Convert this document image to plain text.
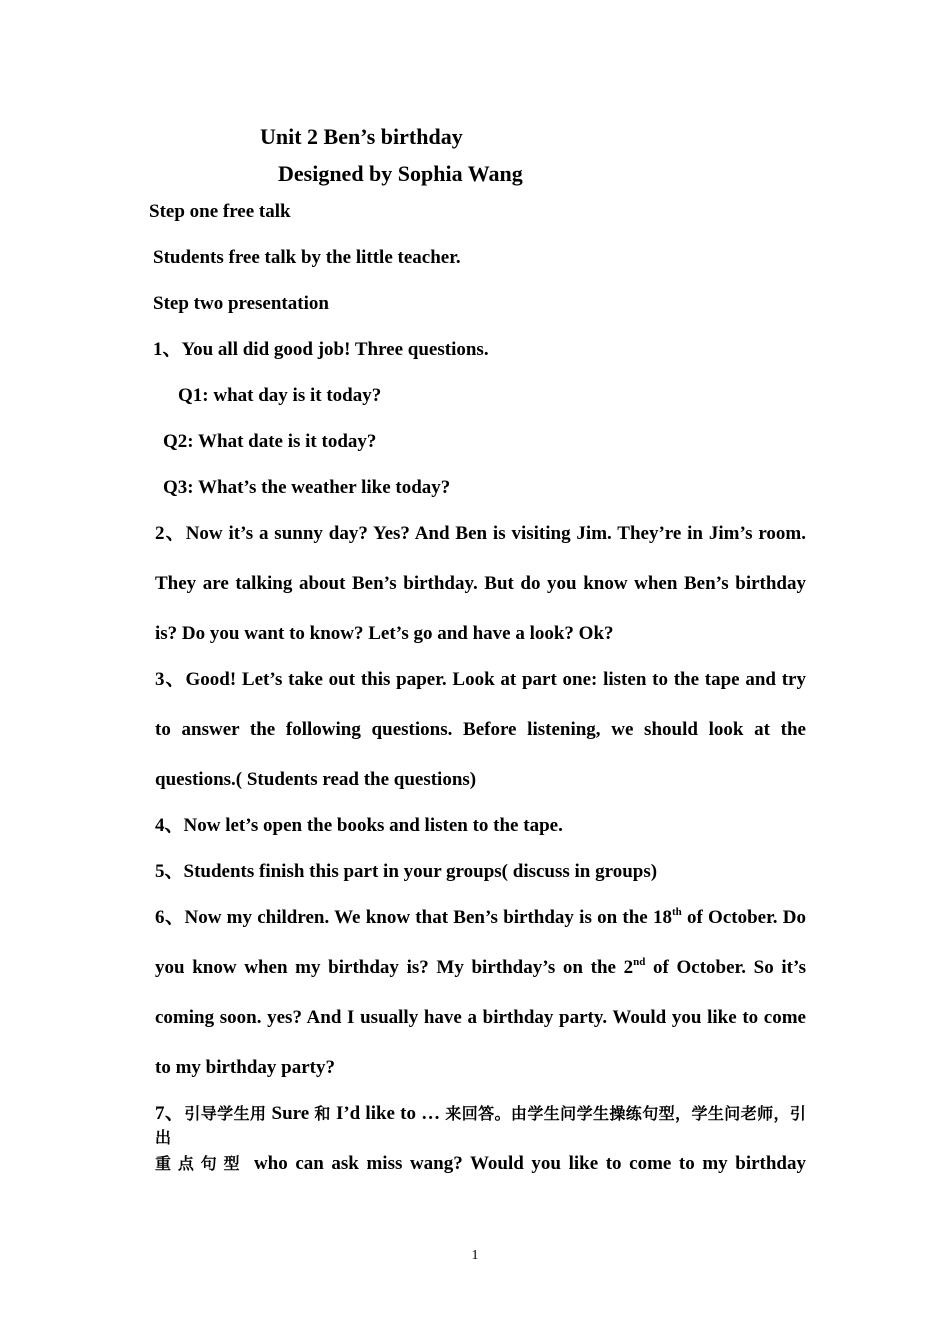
Unit 2 Ben’s birthday

Designed by Sophia Wang

Step one free talk

Students free talk by the little teacher.

Step two presentation

1、You all did good job! Three questions.

Q1: what day is it today?

Q2: What date is it today?

Q3: What’s the weather like today?

2、Now it’s a sunny day? Yes? And Ben is visiting Jim. They’re in Jim’s room.

They are talking about Ben’s birthday. But do you know when Ben’s birthday

is? Do you want to know? Let’s go and have a look? Ok?

3、Good! Let’s take out this paper. Look at part one: listen to the tape and try

to answer the following questions. Before listening, we should look at the

questions.( Students read the questions)

4、Now let’s open the books and listen to the tape.

5、Students finish this part in your groups( discuss in groups)

6、Now my children. We know that Ben’s birthday is on the 18th of October. Do

you know when my birthday is? My birthday’s on the 2nd of October. So it’s

coming soon. yes? And I usually have a birthday party. Would you like to come

to my birthday party?

7、引导学生用 Sure 和 I’d like to … 来回答。由学生问学生操练句型，学生问老师，引出

重点句型 who can ask miss wang? Would you like to come to my birthday

1
